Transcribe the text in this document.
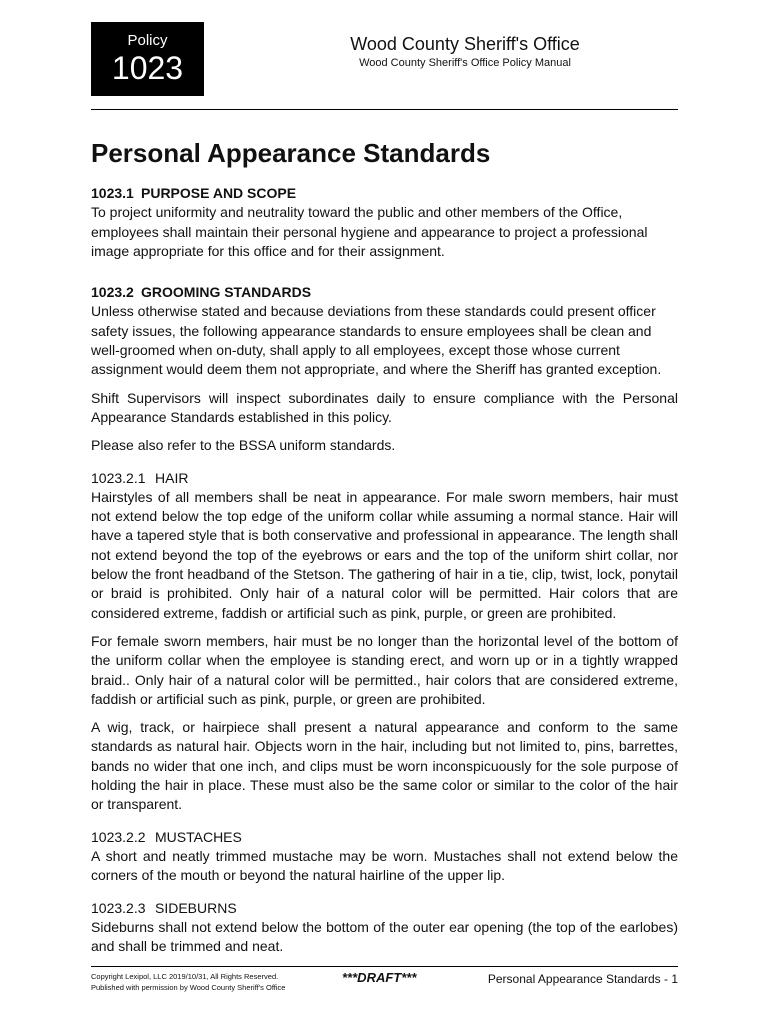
Policy
1023
Wood County Sheriff's Office
Wood County Sheriff's Office Policy Manual
Personal Appearance Standards
1023.1 PURPOSE AND SCOPE

To project uniformity and neutrality toward the public and other members of the Office, employees shall maintain their personal hygiene and appearance to project a professional image appropriate for this office and for their assignment.

1023.2 GROOMING STANDARDS

Unless otherwise stated and because deviations from these standards could present officer safety issues, the following appearance standards to ensure employees shall be clean and well-groomed when on-duty, shall apply to all employees, except those whose current assignment would deem them not appropriate, and where the Sheriff has granted exception.

Shift Supervisors will inspect subordinates daily to ensure compliance with the Personal Appearance Standards established in this policy.

Please also refer to the BSSA uniform standards.

1023.2.1 HAIR

Hairstyles of all members shall be neat in appearance. For male sworn members, hair must not extend below the top edge of the uniform collar while assuming a normal stance. Hair will have a tapered style that is both conservative and professional in appearance. The length shall not extend beyond the top of the eyebrows or ears and the top of the uniform shirt collar, nor below the front headband of the Stetson. The gathering of hair in a tie, clip, twist, lock, ponytail or braid is prohibited. Only hair of a natural color will be permitted. Hair colors that are considered extreme, faddish or artificial such as pink, purple, or green are prohibited.

For female sworn members, hair must be no longer than the horizontal level of the bottom of the uniform collar when the employee is standing erect, and worn up or in a tightly wrapped braid.. Only hair of a natural color will be permitted., hair colors that are considered extreme, faddish or artificial such as pink, purple, or green are prohibited.

A wig, track, or hairpiece shall present a natural appearance and conform to the same standards as natural hair. Objects worn in the hair, including but not limited to, pins, barrettes, bands no wider that one inch, and clips must be worn inconspicuously for the sole purpose of holding the hair in place. These must also be the same color or similar to the color of the hair or transparent.

1023.2.2 MUSTACHES

A short and neatly trimmed mustache may be worn. Mustaches shall not extend below the corners of the mouth or beyond the natural hairline of the upper lip.

1023.2.3 SIDEBURNS

Sideburns shall not extend below the bottom of the outer ear opening (the top of the earlobes) and shall be trimmed and neat.

Copyright Lexipol, LLC 2019/10/31, All Rights Reserved.
Published with permission by Wood County Sheriff's Office
***DRAFT***	Personal Appearance Standards - 1
